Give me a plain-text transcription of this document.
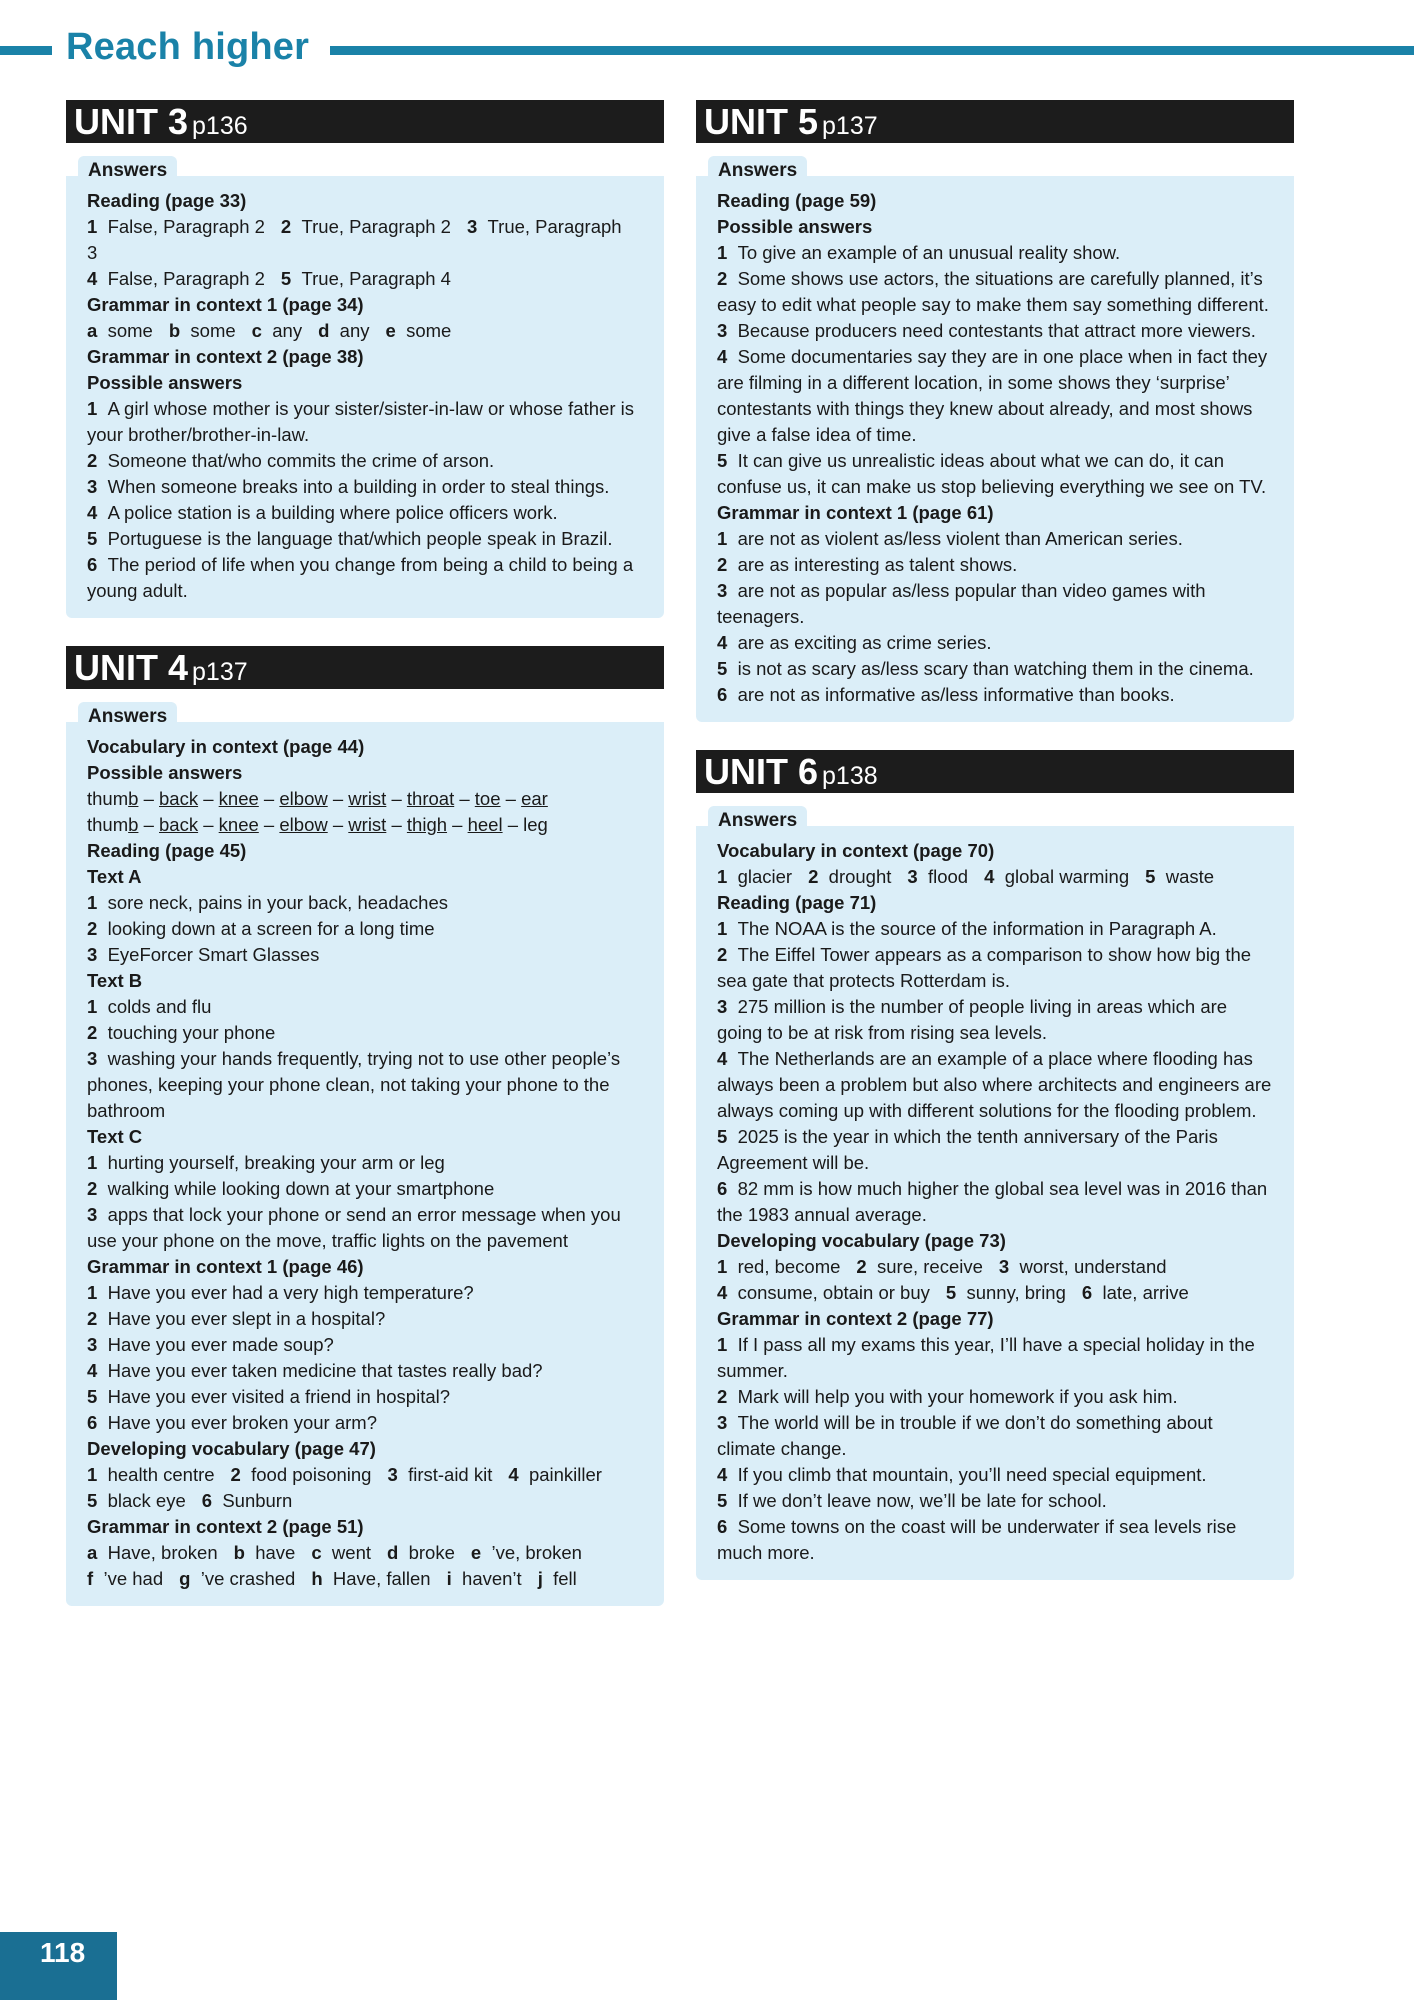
Reach higher
UNIT 3 p136
Answers

Reading (page 33)

1 False, Paragraph 2 2 True, Paragraph 2 3 True, Paragraph 3

4 False, Paragraph 2 5 True, Paragraph 4

Grammar in context 1 (page 34)

a some b some c any d any e some

Grammar in context 2 (page 38)

Possible answers

1 A girl whose mother is your sister/sister-in-law or whose father is your brother/brother-in-law.

2 Someone that/who commits the crime of arson.

3 When someone breaks into a building in order to steal things.

4 A police station is a building where police officers work.

5 Portuguese is the language that/which people speak in Brazil.

6 The period of life when you change from being a child to being a young adult.

UNIT 4 p137
Answers

Vocabulary in context (page 44)

Possible answers

thumb – back – knee – elbow – wrist – throat – toe – ear

thumb – back – knee – elbow – wrist – thigh – heel – leg

Reading (page 45)

Text A

1 sore neck, pains in your back, headaches

2 looking down at a screen for a long time

3 EyeForcer Smart Glasses

Text B

1 colds and flu

2 touching your phone

3 washing your hands frequently, trying not to use other people’s phones, keeping your phone clean, not taking your phone to the bathroom

Text C

1 hurting yourself, breaking your arm or leg

2 walking while looking down at your smartphone

3 apps that lock your phone or send an error message when you use your phone on the move, traffic lights on the pavement

Grammar in context 1 (page 46)

1 Have you ever had a very high temperature?

2 Have you ever slept in a hospital?

3 Have you ever made soup?

4 Have you ever taken medicine that tastes really bad?

5 Have you ever visited a friend in hospital?

6 Have you ever broken your arm?

Developing vocabulary (page 47)

1 health centre 2 food poisoning 3 first-aid kit 4 painkiller

5 black eye 6 Sunburn

Grammar in context 2 (page 51)

a Have, broken b have c went d broke e ’ve, broken

f ’ve had g ’ve crashed h Have, fallen i haven’t j fell

UNIT 5 p137
Answers

Reading (page 59)

Possible answers

1 To give an example of an unusual reality show.

2 Some shows use actors, the situations are carefully planned, it’s easy to edit what people say to make them say something different.

3 Because producers need contestants that attract more viewers.

4 Some documentaries say they are in one place when in fact they are filming in a different location, in some shows they ‘surprise’ contestants with things they knew about already, and most shows give a false idea of time.

5 It can give us unrealistic ideas about what we can do, it can confuse us, it can make us stop believing everything we see on TV.

Grammar in context 1 (page 61)

1 are not as violent as/less violent than American series.

2 are as interesting as talent shows.

3 are not as popular as/less popular than video games with teenagers.

4 are as exciting as crime series.

5 is not as scary as/less scary than watching them in the cinema.

6 are not as informative as/less informative than books.

UNIT 6 p138
Answers

Vocabulary in context (page 70)

1 glacier 2 drought 3 flood 4 global warming 5 waste

Reading (page 71)

1 The NOAA is the source of the information in Paragraph A.

2 The Eiffel Tower appears as a comparison to show how big the sea gate that protects Rotterdam is.

3 275 million is the number of people living in areas which are going to be at risk from rising sea levels.

4 The Netherlands are an example of a place where flooding has always been a problem but also where architects and engineers are always coming up with different solutions for the flooding problem.

5 2025 is the year in which the tenth anniversary of the Paris Agreement will be.

6 82 mm is how much higher the global sea level was in 2016 than the 1983 annual average.

Developing vocabulary (page 73)

1 red, become 2 sure, receive 3 worst, understand

4 consume, obtain or buy 5 sunny, bring 6 late, arrive

Grammar in context 2 (page 77)

1 If I pass all my exams this year, I’ll have a special holiday in the summer.

2 Mark will help you with your homework if you ask him.

3 The world will be in trouble if we don’t do something about climate change.

4 If you climb that mountain, you’ll need special equipment.

5 If we don’t leave now, we’ll be late for school.

6 Some towns on the coast will be underwater if sea levels rise much more.

118
